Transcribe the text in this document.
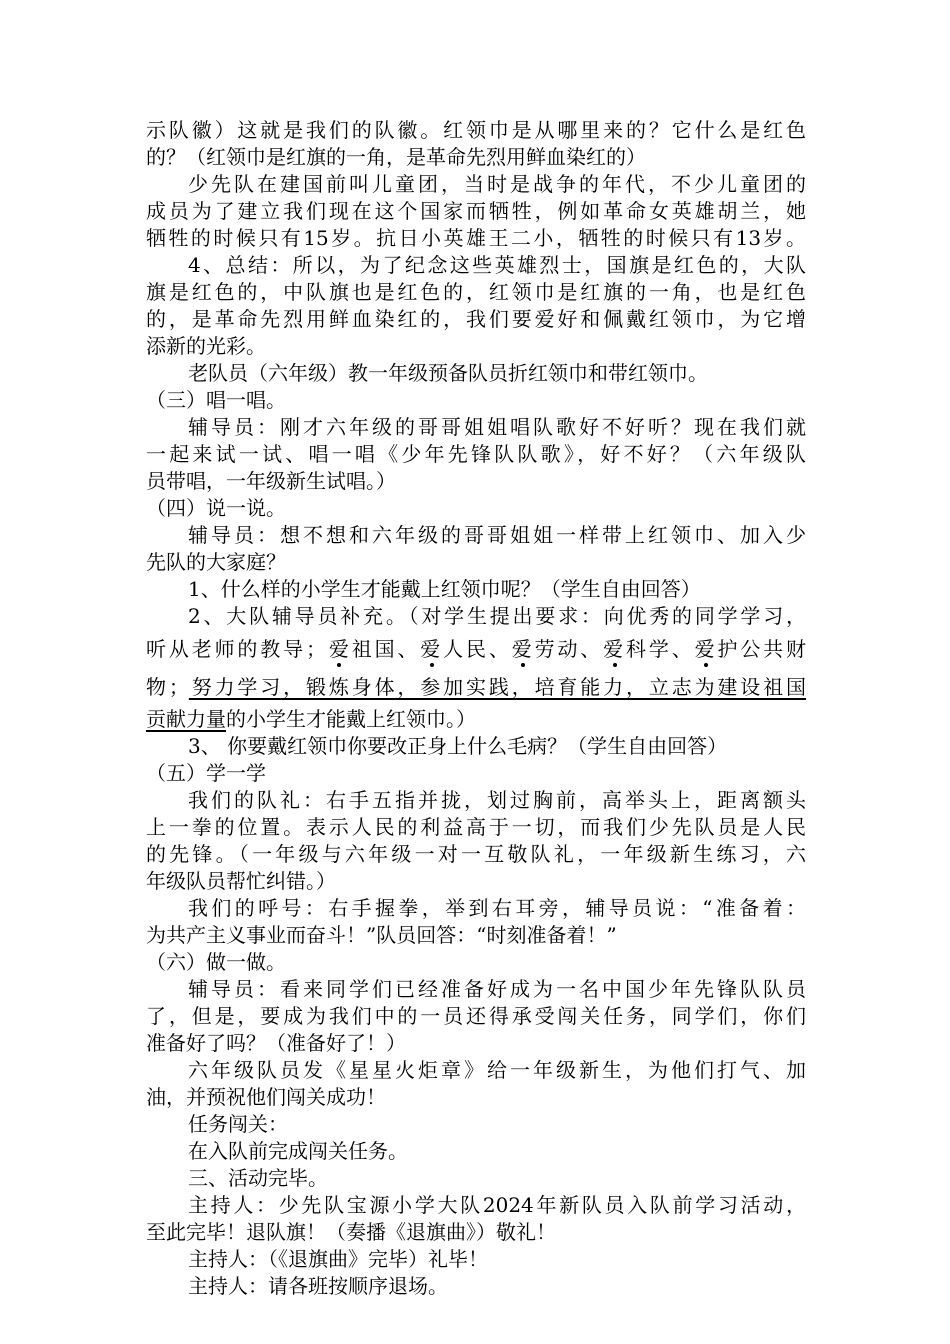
示队徽）这就是我们的队徽。红领巾是从哪里来的？它什么是红色
的？（红领巾是红旗的一角，是革命先烈用鲜血染红的）
少先队在建国前叫儿童团，当时是战争的年代，不少儿童团的
成员为了建立我们现在这个国家而牺牲，例如革命女英雄胡兰，她
牺牲的时候只有15岁。抗日小英雄王二小，牺牲的时候只有13岁。
4、总结：所以，为了纪念这些英雄烈士，国旗是红色的，大队
旗是红色的，中队旗也是红色的，红领巾是红旗的一角，也是红色
的，是革命先烈用鲜血染红的，我们要爱好和佩戴红领巾，为它增
添新的光彩。
老队员（六年级）教一年级预备队员折红领巾和带红领巾。
（三）唱一唱。
辅导员：刚才六年级的哥哥姐姐唱队歌好不好听？现在我们就
一起来试一试、唱一唱《少年先锋队队歌》，好不好？（六年级队
员带唱，一年级新生试唱。）
（四）说一说。
辅导员：想不想和六年级的哥哥姐姐一样带上红领巾、加入少
先队的大家庭？
1、什么样的小学生才能戴上红领巾呢？（学生自由回答）
2、大队辅导员补充。（对学生提出要求：向优秀的同学学习，
听从老师的教导；爱祖国、爱人民、爱劳动、爱科学、爱护公共财
物；努力学习，锻炼身体，参加实践，培育能力，立志为建设祖国
贡献力量的小学生才能戴上红领巾。）
3、 你要戴红领巾你要改正身上什么毛病？（学生自由回答）
（五）学一学
我们的队礼：右手五指并拢，划过胸前，高举头上，距离额头
上一拳的位置。表示人民的利益高于一切，而我们少先队员是人民
的先锋。（一年级与六年级一对一互敬队礼，一年级新生练习，六
年级队员帮忙纠错。）
我们的呼号：右手握拳，举到右耳旁，辅导员说：“准备着：
为共产主义事业而奋斗！”队员回答：“时刻准备着！”
（六）做一做。
辅导员：看来同学们已经准备好成为一名中国少年先锋队队员
了，但是，要成为我们中的一员还得承受闯关任务，同学们，你们
准备好了吗？（准备好了！）
六年级队员发《星星火炬章》给一年级新生，为他们打气、加
油，并预祝他们闯关成功！
任务闯关：
在入队前完成闯关任务。
三、活动完毕。
主持人：少先队宝源小学大队2024年新队员入队前学习活动，
至此完毕！退队旗！（奏播《退旗曲》）敬礼！
主持人：（《退旗曲》完毕）礼毕！
主持人：请各班按顺序退场。
